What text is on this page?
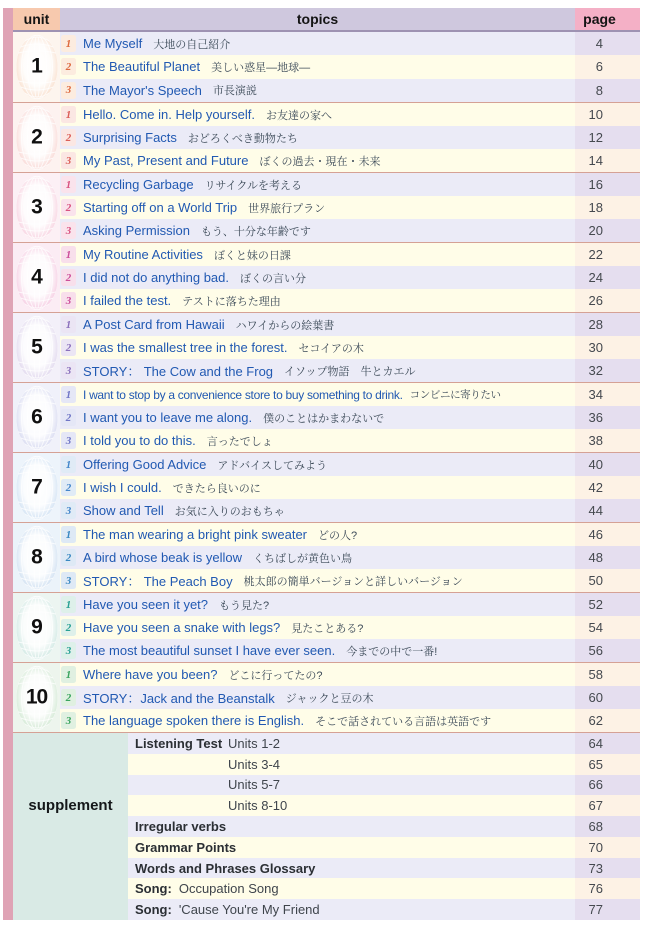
unit	topics	page
1
1 Me Myself 大地の自己紹介	4
2 The Beautiful Planet 美しい惑星―地球―	6
3 The Mayor's Speech 市長演説	8
2
1 Hello. Come in. Help yourself. お友達の家へ	10
2 Surprising Facts おどろくべき動物たち	12
3 My Past, Present and Future ぼくの過去・現在・未来	14
3
1 Recycling Garbage リサイクルを考える	16
2 Starting off on a World Trip 世界旅行プラン	18
3 Asking Permission もう、十分な年齢です	20
4
1 My Routine Activities ぼくと妹の日課	22
2 I did not do anything bad. ぼくの言い分	24
3 I failed the test. テストに落ちた理由	26
5
1 A Post Card from Hawaii ハワイからの絵葉書	28
2 I was the smallest tree in the forest. セコイアの木	30
3 STORY： The Cow and the Frog イソップ物語　牛とカエル	32
6
1 I want to stop by a convenience store to buy something to drink. コンビニに寄りたい	34
2 I want you to leave me along. 僕のことはかまわないで	36
3 I told you to do this. 言ったでしょ	38
7
1 Offering Good Advice アドバイスしてみよう	40
2 I wish I could. できたら良いのに	42
3 Show and Tell お気に入りのおもちゃ	44
8
1 The man wearing a bright pink sweater どの人?	46
2 A bird whose beak is yellow くちばしが黄色い鳥	48
3 STORY： The Peach Boy 桃太郎の簡単バージョンと詳しいバージョン	50
9
1 Have you seen it yet? もう見た?	52
2 Have you seen a snake with legs? 見たことある?	54
3 The most beautiful sunset I have ever seen. 今までの中で一番!	56
10
1 Where have you been? どこに行ってたの?	58
2 STORY：Jack and the Beanstalk ジャックと豆の木	60
3 The language spoken there is English. そこで話されている言語は英語です	62
supplement
Listening Test Units 1-2	64
Units 3-4	65
Units 5-7	66
Units 8-10	67
Irregular verbs	68
Grammar Points	70
Words and Phrases Glossary	73
Song: Occupation Song	76
Song: 'Cause You're My Friend	77
